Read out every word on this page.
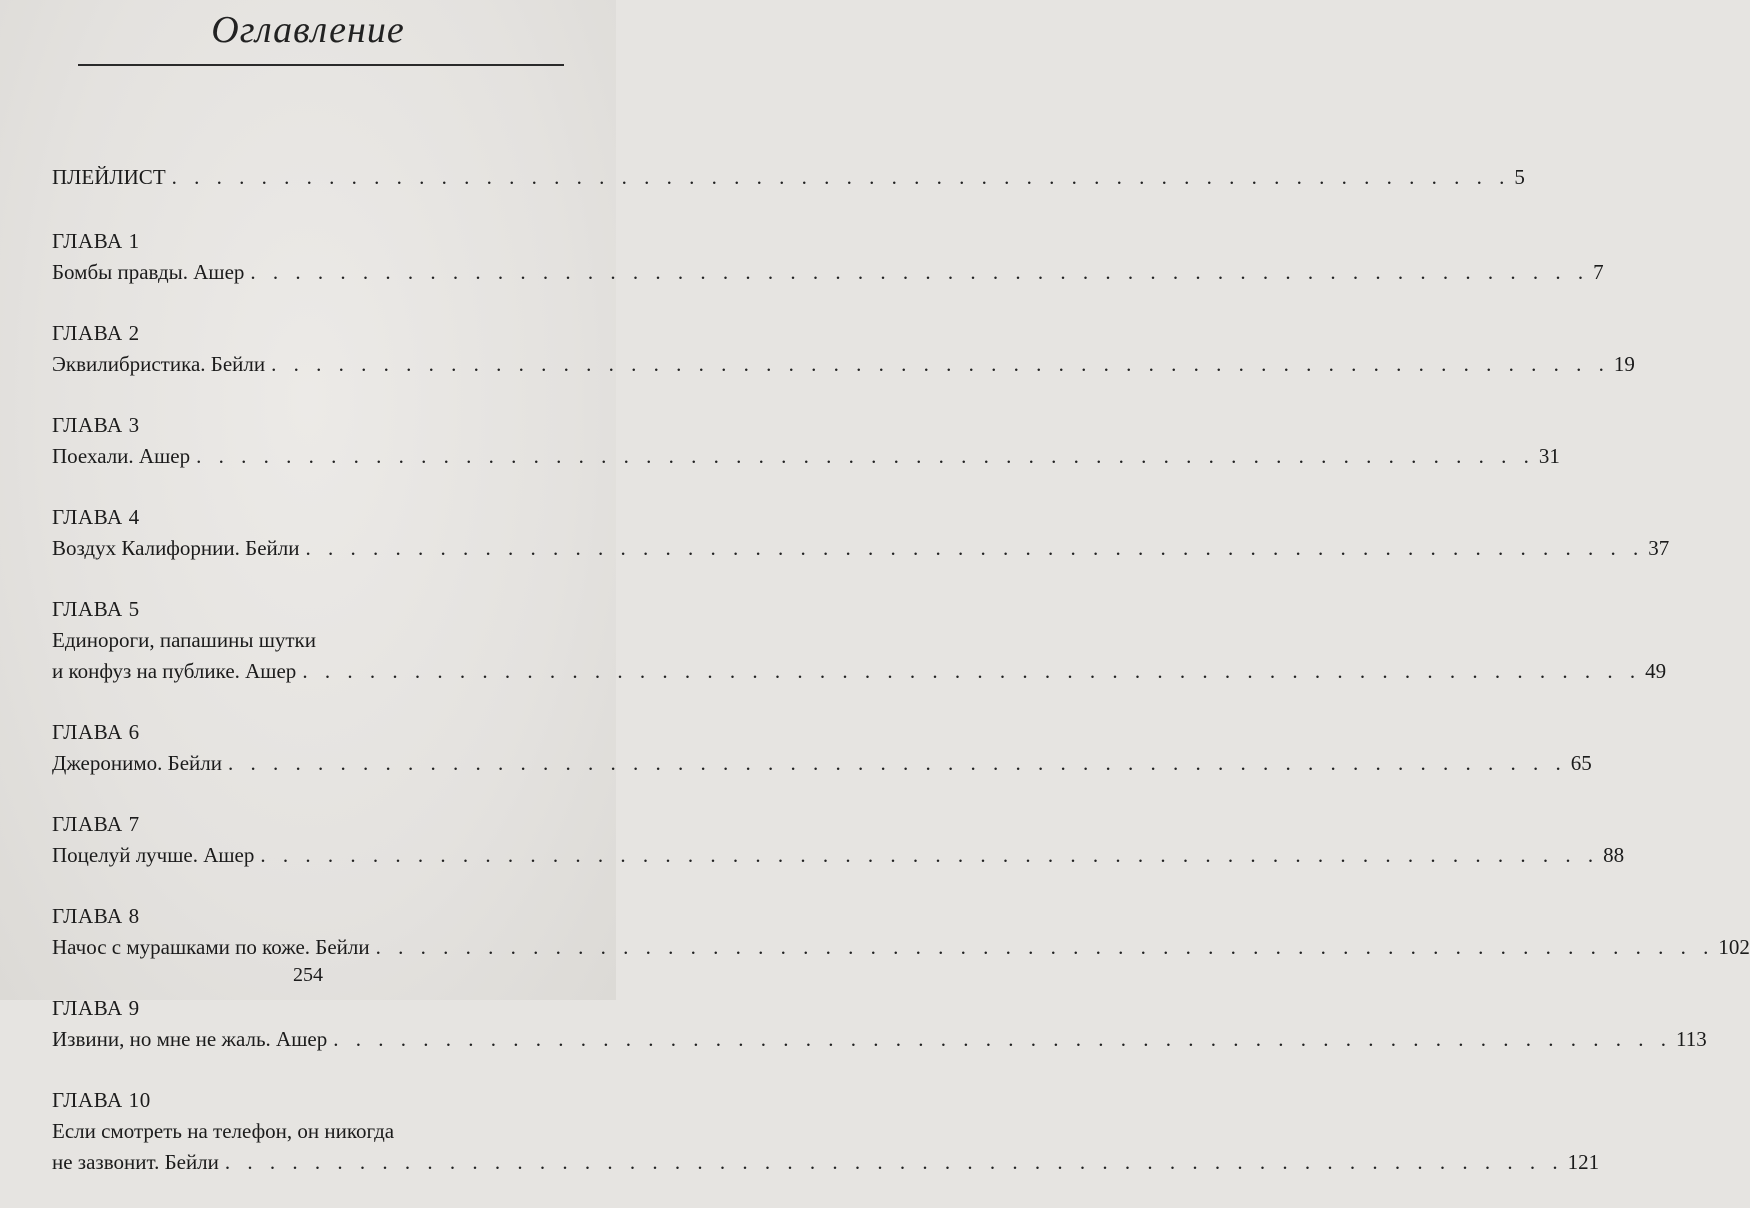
Оглавление
ПЛЕЙЛИСТ . . . . . . . . . . . . . . . . . . . . . . . . . . . . . . . . . . . . . . . . . . . . . . . . . . . . . . . . . . . . 5
ГЛАВА 1
Бомбы правды. Ашер . . . . . . . . . . . . . . . . . . . . . . . . . . . . . . . . . . . . . . . . . . . . . . . . . . . . . . . . . . . . 7
ГЛАВА 2
Эквилибристика. Бейли . . . . . . . . . . . . . . . . . . . . . . . . . . . . . . . . . . . . . . . . . . . . . . . . . . . . . . . . . . . . 19
ГЛАВА 3
Поехали. Ашер . . . . . . . . . . . . . . . . . . . . . . . . . . . . . . . . . . . . . . . . . . . . . . . . . . . . . . . . . . . . 31
ГЛАВА 4
Воздух Калифорнии. Бейли . . . . . . . . . . . . . . . . . . . . . . . . . . . . . . . . . . . . . . . . . . . . . . . . . . . . . . . . . . . . 37
ГЛАВА 5
Единороги, папашины шутки
и конфуз на публике. Ашер . . . . . . . . . . . . . . . . . . . . . . . . . . . . . . . . . . . . . . . . . . . . . . . . . . . . . . . . . . . . 49
ГЛАВА 6
Джеронимо. Бейли . . . . . . . . . . . . . . . . . . . . . . . . . . . . . . . . . . . . . . . . . . . . . . . . . . . . . . . . . . . . 65
ГЛАВА 7
Поцелуй лучше. Ашер . . . . . . . . . . . . . . . . . . . . . . . . . . . . . . . . . . . . . . . . . . . . . . . . . . . . . . . . . . . . 88
ГЛАВА 8
Начос с мурашками по коже. Бейли . . . . . . . . . . . . . . . . . . . . . . . . . . . . . . . . . . . . . . . . . . . . . . . . . . . . . . . . . . . . 102
ГЛАВА 9
Извини, но мне не жаль. Ашер . . . . . . . . . . . . . . . . . . . . . . . . . . . . . . . . . . . . . . . . . . . . . . . . . . . . . . . . . . . . 113
ГЛАВА 10
Если смотреть на телефон, он никогда
не зазвонит. Бейли . . . . . . . . . . . . . . . . . . . . . . . . . . . . . . . . . . . . . . . . . . . . . . . . . . . . . . . . . . . . 121
254
